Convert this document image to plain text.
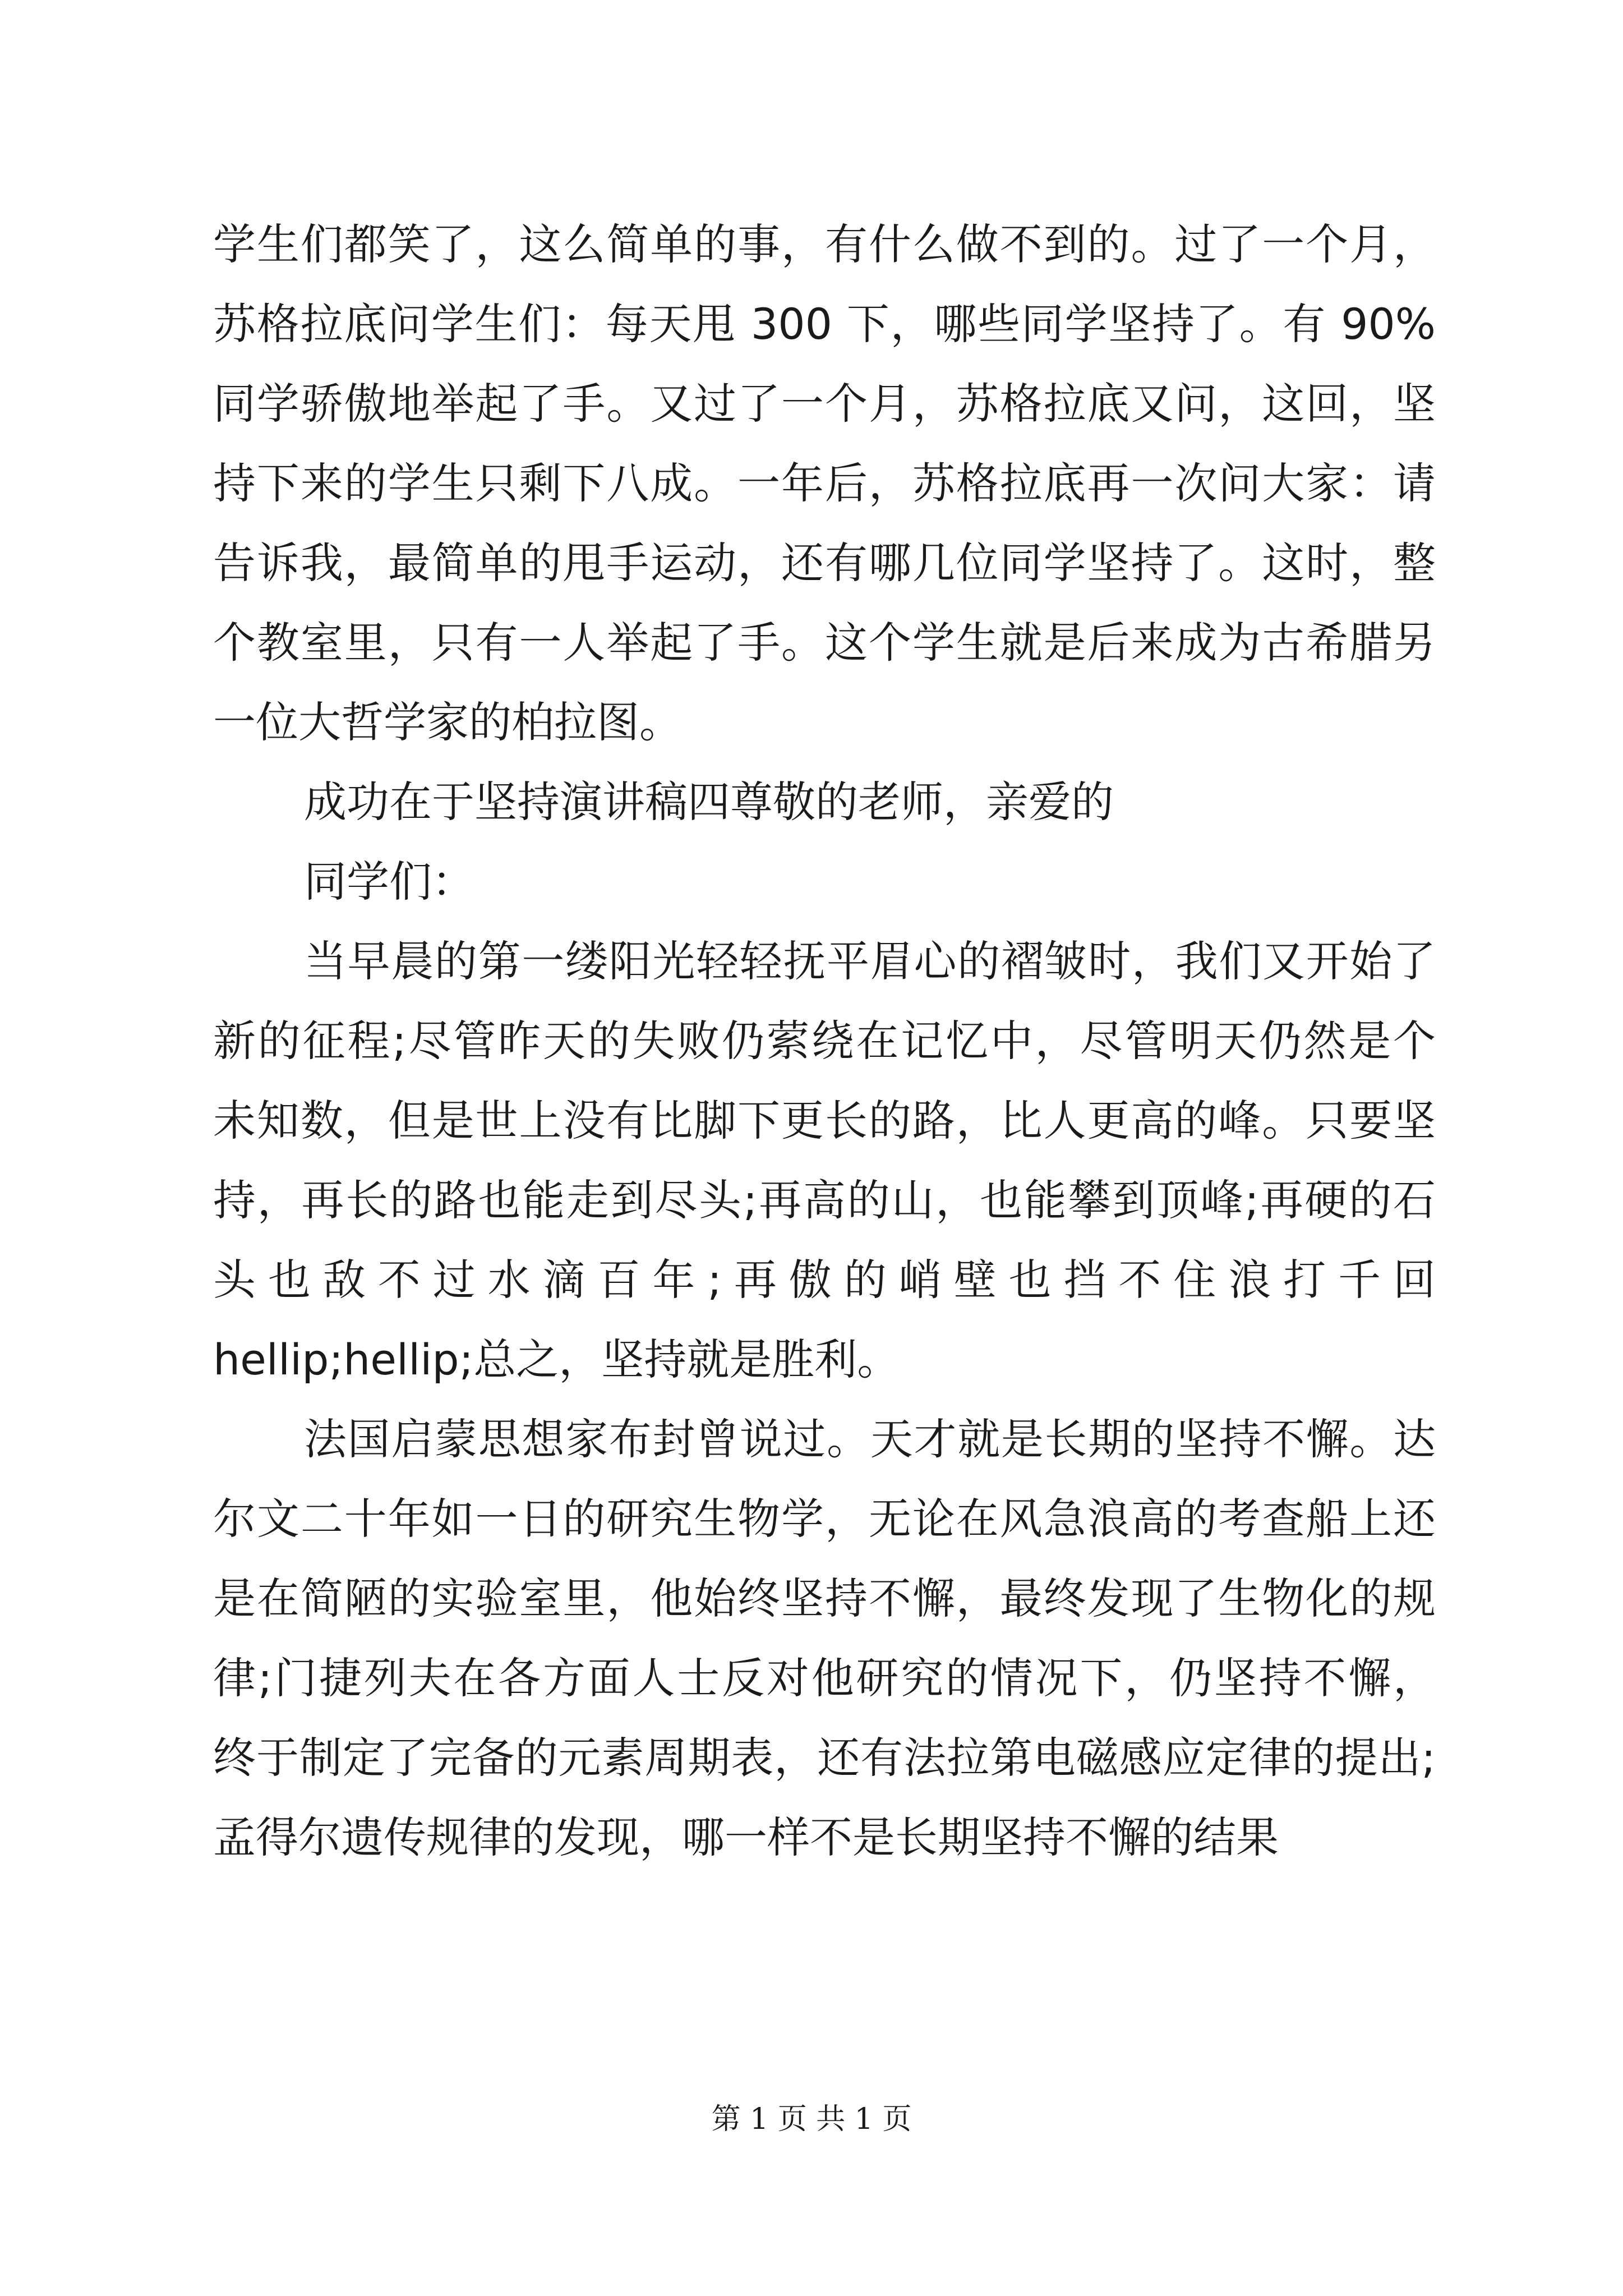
学生们都笑了，这么简单的事，有什么做不到的。过了一个月，
苏格拉底问学生们：每天甩 300 下，哪些同学坚持了。有 90%
同学骄傲地举起了手。又过了一个月，苏格拉底又问，这回，坚
持下来的学生只剩下八成。一年后，苏格拉底再一次问大家：请
告诉我，最简单的甩手运动，还有哪几位同学坚持了。这时，整
个教室里，只有一人举起了手。这个学生就是后来成为古希腊另
一位大哲学家的柏拉图。
成功在于坚持演讲稿四尊敬的老师，亲爱的
同学们：
当早晨的第一缕阳光轻轻抚平眉心的褶皱时，我们又开始了
新的征程;尽管昨天的失败仍萦绕在记忆中，尽管明天仍然是个
未知数，但是世上没有比脚下更长的路，比人更高的峰。只要坚
持，再长的路也能走到尽头;再高的山，也能攀到顶峰;再硬的石
头也敌不过水滴百年;再傲的峭壁也挡不住浪打千回
hellip;hellip;总之，坚持就是胜利。
法国启蒙思想家布封曾说过。天才就是长期的坚持不懈。达
尔文二十年如一日的研究生物学，无论在风急浪高的考查船上还
是在简陋的实验室里，他始终坚持不懈，最终发现了生物化的规
律;门捷列夫在各方面人士反对他研究的情况下，仍坚持不懈，
终于制定了完备的元素周期表，还有法拉第电磁感应定律的提出;
孟得尔遗传规律的发现，哪一样不是长期坚持不懈的结果
第 1 页 共 1 页
